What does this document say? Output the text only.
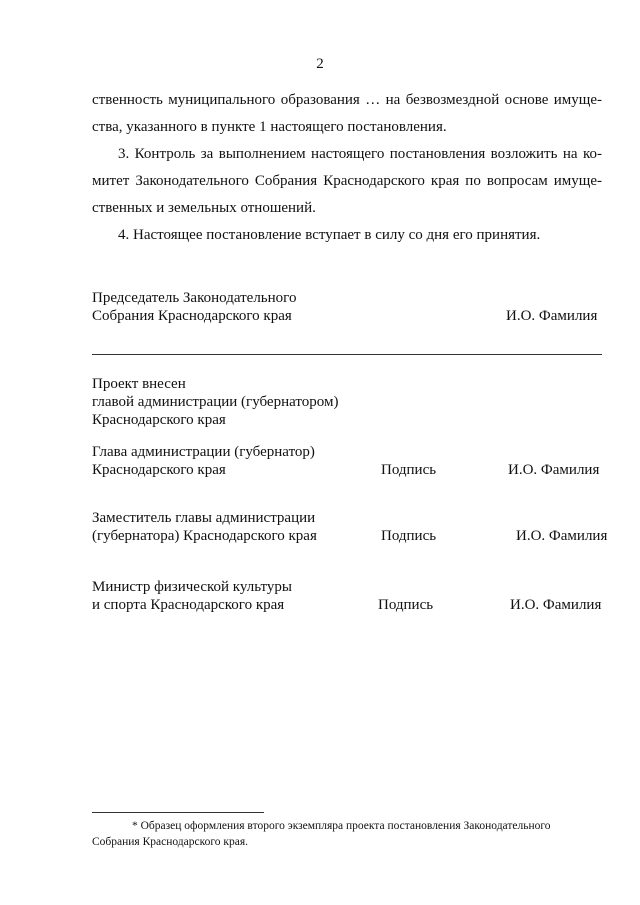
2
ственность муниципального образования … на безвозмездной основе имуще-
ства, указанного в пункте 1 настоящего постановления.
3. Контроль за выполнением настоящего постановления возложить на ко-
митет Законодательного Собрания Краснодарского края по вопросам имуще-
ственных и земельных отношений.
4. Настоящее постановление вступает в силу со дня его принятия.
Председатель Законодательного
Собрания Краснодарского края	И.О. Фамилия
Проект внесен
главой администрации (губернатором)
Краснодарского края
Глава администрации (губернатор)
Краснодарского края	Подпись	И.О. Фамилия
Заместитель главы администрации
(губернатора) Краснодарского края	Подпись	И.О. Фамилия
Министр физической культуры
и спорта Краснодарского края	Подпись	И.О. Фамилия
* Образец оформления второго экземпляра проекта постановления Законодательного
Собрания Краснодарского края.
